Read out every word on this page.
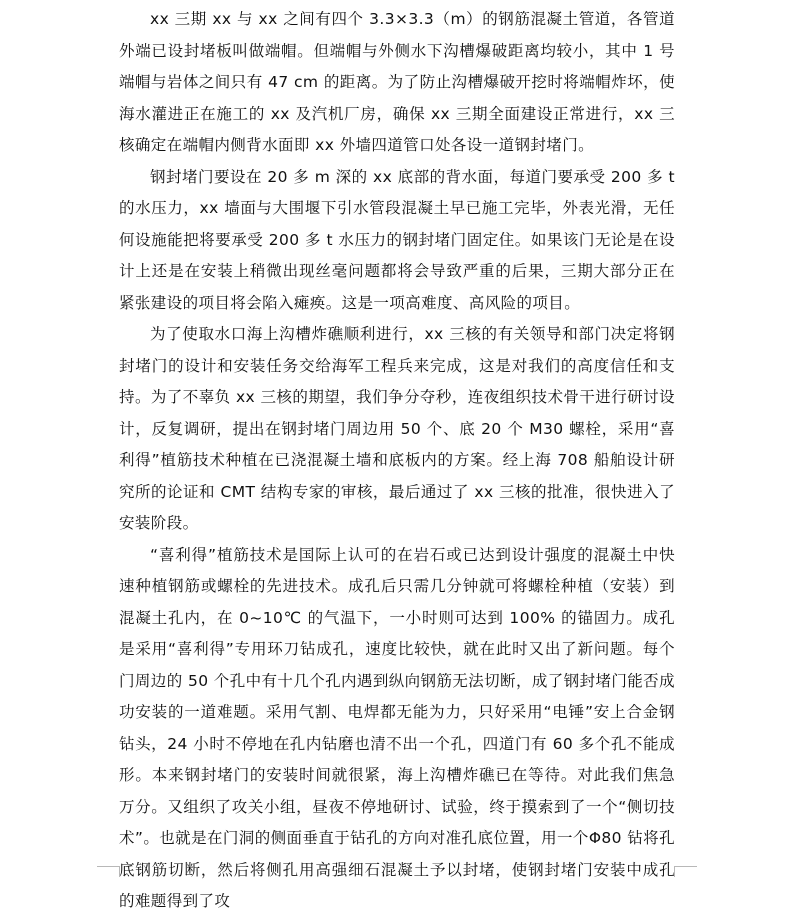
xx 三期 xx 与 xx 之间有四个 3.3×3.3（m）的钢筋混凝土管道，各管道外端已设封堵板叫做端帽。但端帽与外侧水下沟槽爆破距离均较小，其中 1 号端帽与岩体之间只有 47 cm 的距离。为了防止沟槽爆破开挖时将端帽炸坏，使海水灌进正在施工的 xx 及汽机厂房，确保 xx 三期全面建设正常进行，xx 三核确定在端帽内侧背水面即 xx 外墙四道管口处各设一道钢封堵门。

钢封堵门要设在 20 多 m 深的 xx 底部的背水面，每道门要承受 200 多 t 的水压力，xx 墙面与大围堰下引水管段混凝土早已施工完毕，外表光滑，无任何设施能把将要承受 200 多 t 水压力的钢封堵门固定住。如果该门无论是在设计上还是在安装上稍微出现丝毫问题都将会导致严重的后果，三期大部分正在紧张建设的项目将会陷入瘫痪。这是一项高难度、高风险的项目。

为了使取水口海上沟槽炸礁顺利进行，xx 三核的有关领导和部门决定将钢封堵门的设计和安装任务交给海军工程兵来完成，这是对我们的高度信任和支持。为了不辜负 xx 三核的期望，我们争分夺秒，连夜组织技术骨干进行研讨设计，反复调研，提出在钢封堵门周边用 50 个、底 20 个 M30 螺栓，采用“喜利得”植筋技术种植在已浇混凝土墙和底板内的方案。经上海 708 船舶设计研究所的论证和 CMT 结构专家的审核，最后通过了 xx 三核的批准，很快进入了安装阶段。

“喜利得”植筋技术是国际上认可的在岩石或已达到设计强度的混凝土中快速种植钢筋或螺栓的先进技术。成孔后只需几分钟就可将螺栓种植（安装）到混凝土孔内，在 0~10℃ 的气温下，一小时则可达到 100% 的锚固力。成孔是采用“喜利得”专用环刀钻成孔，速度比较快，就在此时又出了新问题。每个门周边的 50 个孔中有十几个孔内遇到纵向钢筋无法切断，成了钢封堵门能否成功安装的一道难题。采用气割、电焊都无能为力，只好采用“电锤”安上合金钢钻头，24 小时不停地在孔内钻磨也清不出一个孔，四道门有 60 多个孔不能成形。本来钢封堵门的安装时间就很紧，海上沟槽炸礁已在等待。对此我们焦急万分。又组织了攻关小组，昼夜不停地研讨、试验，终于摸索到了一个“侧切技术”。也就是在门洞的侧面垂直于钻孔的方向对准孔底位置，用一个Φ80 钻将孔底钢筋切断，然后将侧孔用高强细石混凝土予以封堵，使钢封堵门安装中成孔的难题得到了攻
